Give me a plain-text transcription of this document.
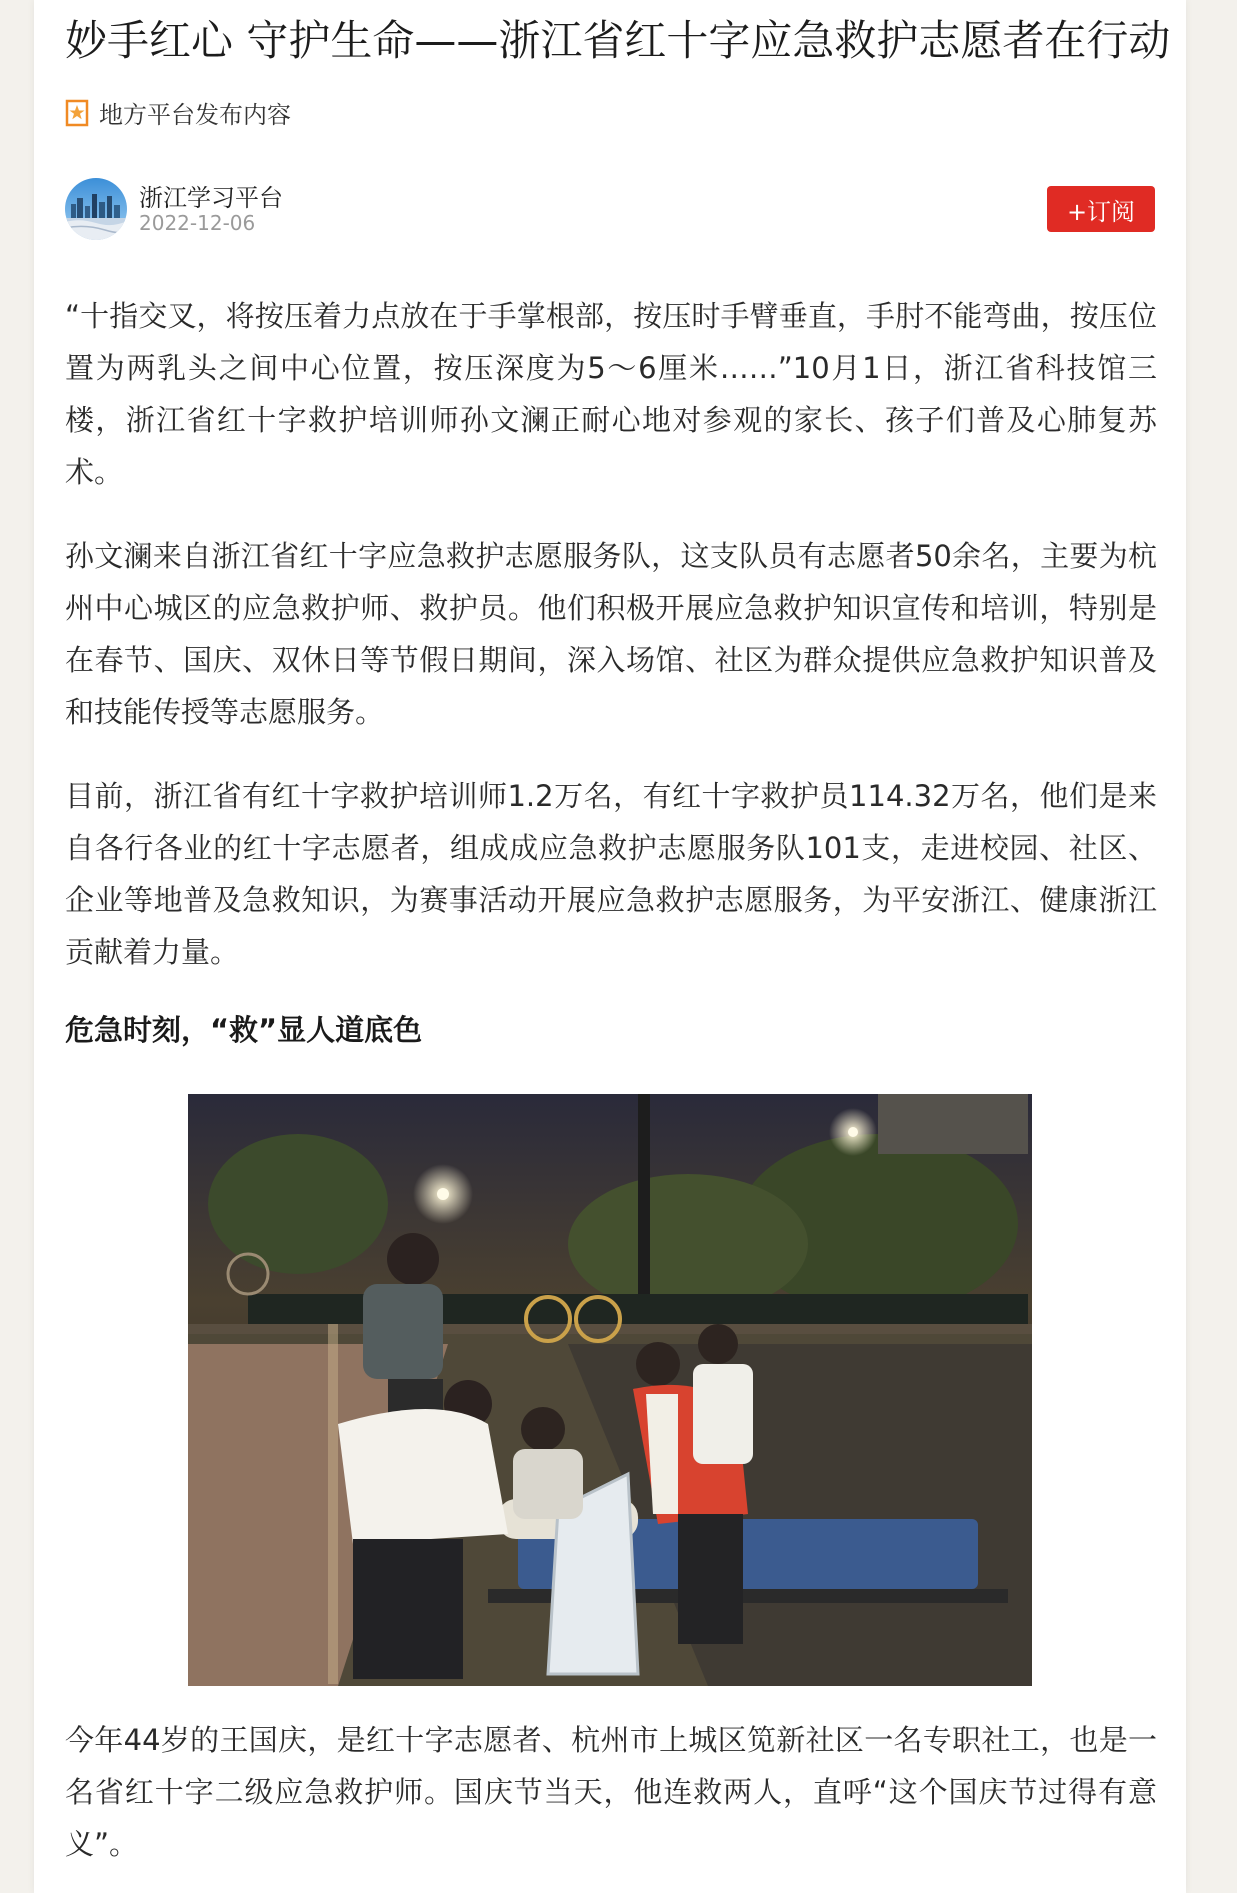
妙手红心 守护生命——浙江省红十字应急救护志愿者在行动
地方平台发布内容
浙江学习平台
2022-12-06	+订阅

“十指交叉，将按压着力点放在于手掌根部，按压时手臂垂直，手肘不能弯曲，按压位置为两乳头之间中心位置，按压深度为5～6厘米……”10月1日，浙江省科技馆三楼，浙江省红十字救护培训师孙文澜正耐心地对参观的家长、孩子们普及心肺复苏术。

孙文澜来自浙江省红十字应急救护志愿服务队，这支队员有志愿者50余名，主要为杭州中心城区的应急救护师、救护员。他们积极开展应急救护知识宣传和培训，特别是在春节、国庆、双休日等节假日期间，深入场馆、社区为群众提供应急救护知识普及和技能传授等志愿服务。

目前，浙江省有红十字救护培训师1.2万名，有红十字救护员114.32万名，他们是来自各行各业的红十字志愿者，组成成应急救护志愿服务队101支，走进校园、社区、企业等地普及急救知识，为赛事活动开展应急救护志愿服务，为平安浙江、健康浙江贡献着力量。

危急时刻，“救”显人道底色

今年44岁的王国庆，是红十字志愿者、杭州市上城区笕新社区一名专职社工，也是一名省红十字二级应急救护师。国庆节当天，他连救两人，直呼“这个国庆节过得有意义”。
